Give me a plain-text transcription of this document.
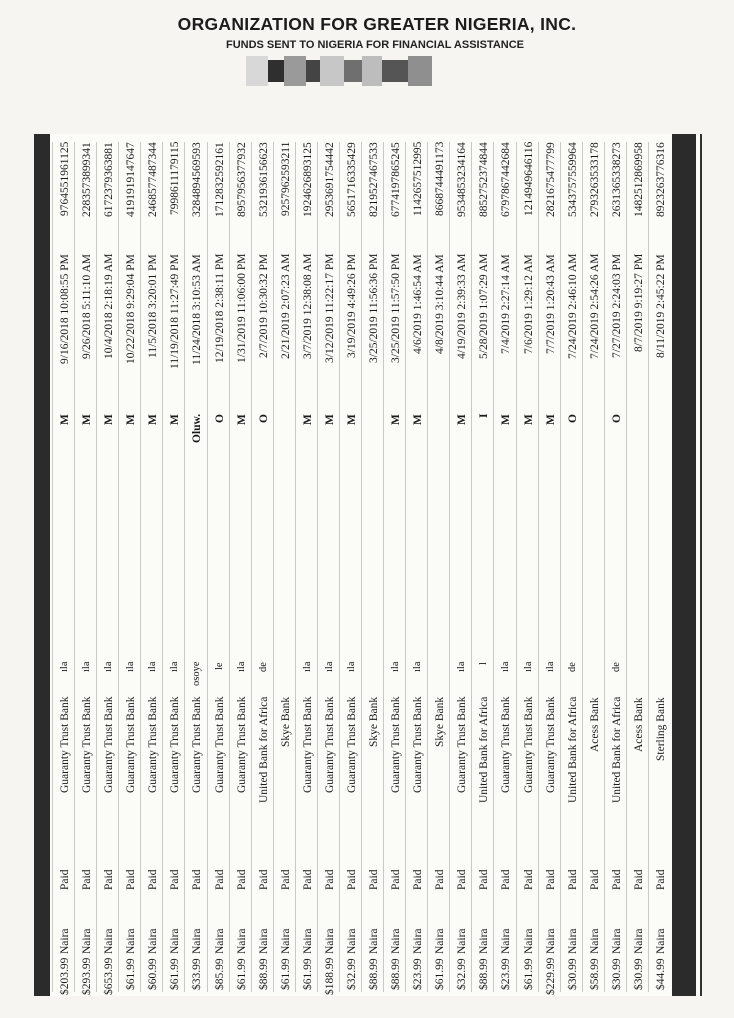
ORGANIZATION FOR GREATER NIGERIA, INC.
FUNDS SENT TO NIGERIA FOR FINANCIAL ASSISTANCE
8923263776316
8/11/2019 2:45:22 PM
Sterling Bank
Paid
Naira
$44.99
1482512869958
8/7/2019 9:19:27 PM
Acess Bank
Paid
Naira
$30.99
2631365338273
7/27/2019 2:24:03 PM
O
de
United Bank for Africa
Paid
Naira
$30.99
2793263533178
7/24/2019 2:54:26 AM
Acess Bank
Paid
Naira
$58.99
5343757559964
7/24/2019 2:46:10 AM
O
de
United Bank for Africa
Paid
Naira
$30.99
2821675477799
7/7/2019 1:20:43 AM
M
ıla
Guaranty Trust Bank
Paid
Naira
$229.99
1214949646116
7/6/2019 1:29:12 AM
M
ıla
Guaranty Trust Bank
Paid
Naira
$61.99
6797867442684
7/4/2019 2:27:14 AM
M
ıla
Guaranty Trust Bank
Paid
Naira
$23.99
8852752374844
5/28/2019 1:07:29 AM
I
l
United Bank for Africa
Paid
Naira
$88.99
9534853234164
4/19/2019 2:39:33 AM
M
ıla
Guaranty Trust Bank
Paid
Naira
$32.99
8668744491173
4/8/2019 3:10:44 AM
Skye Bank
Paid
Naira
$61.99
1142657512995
4/6/2019 1:46:54 AM
M
ıla
Guaranty Trust Bank
Paid
Naira
$23.99
6774197865245
3/25/2019 11:57:50 PM
M
ıla
Guaranty Trust Bank
Paid
Naira
$88.99
8219527467533
3/25/2019 11:56:36 PM
Skye Bank
Paid
Naira
$88.99
5651716335429
3/19/2019 4:49:26 PM
M
ıla
Guaranty Trust Bank
Paid
Naira
$32.99
2953691754442
3/12/2019 11:22:17 PM
M
ıla
Guaranty Trust Bank
Paid
Naira
$188.99
1924626893125
3/7/2019 12:38:08 AM
M
ıla
Guaranty Trust Bank
Paid
Naira
$61.99
9257962593211
2/21/2019 2:07:23 AM
Skye Bank
Paid
Naira
$61.99
5321936156623
2/7/2019 10:30:32 PM
O
de
United Bank for Africa
Paid
Naira
$88.99
8957956377932
1/31/2019 11:06:00 PM
M
ıla
Guaranty Trust Bank
Paid
Naira
$61.99
1712832592161
12/19/2018 2:38:11 PM
O
le
Guaranty Trust Bank
Paid
Naira
$85.99
3284894569593
11/24/2018 3:10:53 AM
Oluw.
osoye
Guaranty Trust Bank
Paid
Naira
$33.99
7998611179115
11/19/2018 11:27:49 PM
M
ıla
Guaranty Trust Bank
Paid
Naira
$61.99
2468577487344
11/5/2018 3:20:01 PM
M
ıla
Guaranty Trust Bank
Paid
Naira
$60.99
4191919147647
10/22/2018 9:29:04 PM
M
ıla
Guaranty Trust Bank
Paid
Naira
$61.99
6172379363881
10/4/2018 2:18:19 AM
M
ıla
Guaranty Trust Bank
Paid
Naira
$653.99
2283573899341
9/26/2018 5:11:10 AM
M
ıla
Guaranty Trust Bank
Paid
Naira
$293.99
9764551961125
9/16/2018 10:08:55 PM
M
ıla
Guaranty Trust Bank
Paid
Naira
$203.99
